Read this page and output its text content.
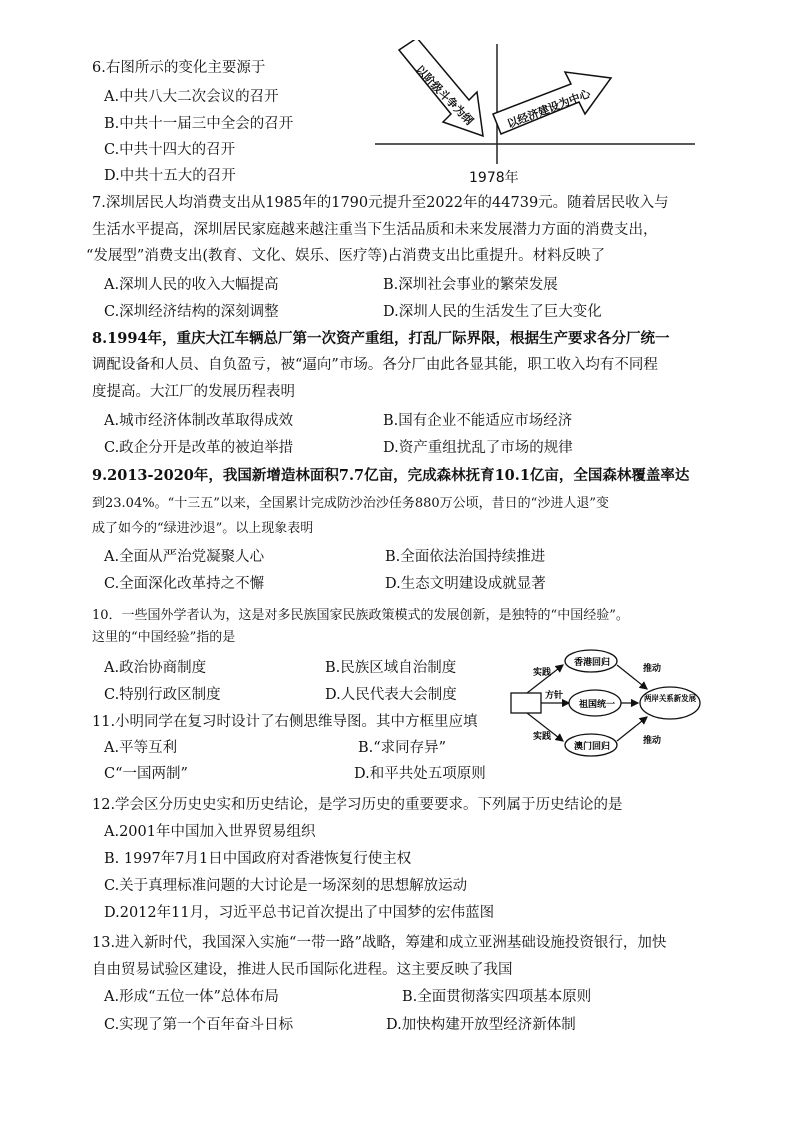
6.右图所示的变化主要源于
A.中共八大二次会议的召开
B.中共十一届三中全会的召开
C.中共十四大的召开
D.中共十五大的召开
以阶级斗争为纲	以经济建设为中心
1978年
7.深圳居民人均消费支出从1985年的1790元提升至2022年的44739元。随着居民收入与
生活水平提高，深圳居民家庭越来越注重当下生活品质和未来发展潜力方面的消费支出，
“发展型”消费支出(教育、文化、娱乐、医疗等)占消费支出比重提升。材料反映了
A.深圳人民的收入大幅提高	B.深圳社会事业的繁荣发展
C.深圳经济结构的深刻调整	D.深圳人民的生活发生了巨大变化
8.1994年，重庆大江车辆总厂第一次资产重组，打乱厂际界限，根据生产要求各分厂统一
调配设备和人员、自负盈亏，被“逼向”市场。各分厂由此各显其能，职工收入均有不同程
度提高。大江厂的发展历程表明
A.城市经济体制改革取得成效	B.国有企业不能适应市场经济
C.政企分开是改革的被迫举措	D.资产重组扰乱了市场的规律
9.2013-2020年，我国新增造林面积7.7亿亩，完成森林抚育10.1亿亩，全国森林覆盖率达
到23.04%。“十三五”以来，全国累计完成防沙治沙任务880万公顷，昔日的“沙进人退”变
成了如今的“绿进沙退”。以上现象表明
A.全面从严治党凝聚人心	B.全面依法治国持续推进
C.全面深化改革持之不懈	D.生态文明建设成就显著
10．一些国外学者认为，这是对多民族国家民族政策模式的发展创新，是独特的“中国经验”。
这里的“中国经验”指的是
A.政治协商制度	B.民族区域自治制度
C.特别行政区制度	D.人民代表大会制度	方针
祖国统一
香港回归
澳门回归
两岸关系新发展
实践
实践
推动
推动
11.小明同学在复习时设计了右侧思维导图。其中方框里应填
A.平等互利	B.“求同存异”
C“一国两制”	D.和平共处五项原则
12.学会区分历史史实和历史结论，是学习历史的重要要求。下列属于历史结论的是
A.2001年中国加入世界贸易组织
B. 1997年7月1日中国政府对香港恢复行使主权
C.关于真理标准问题的大讨论是一场深刻的思想解放运动
D.2012年11月，习近平总书记首次提出了中国梦的宏伟蓝图
13.进入新时代，我国深入实施“一带一路”战略，筹建和成立亚洲基础设施投资银行，加快
自由贸易试验区建设，推进人民币国际化进程。这主要反映了我国
A.形成“五位一体”总体布局	B.全面贯彻落实四项基本原则
C.实现了第一个百年奋斗日标	D.加快构建开放型经济新体制
